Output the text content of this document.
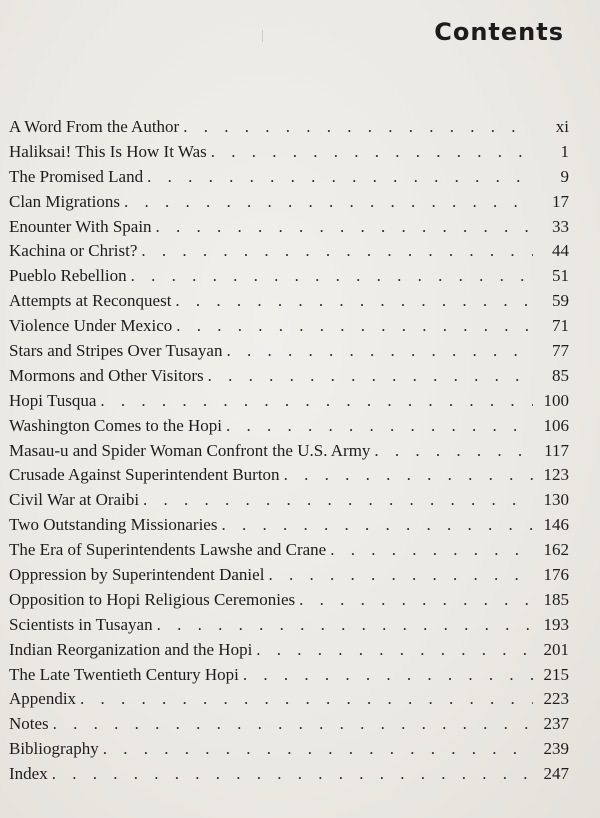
Contents
A Word From the Author . . .	xi
Haliksai! This Is How It Was . . .	1
The Promised Land . . .	9
Clan Migrations . . .	17
Enounter With Spain . . .	33
Kachina or Christ? . . .	44
Pueblo Rebellion . . .	51
Attempts at Reconquest . . .	59
Violence Under Mexico . . .	71
Stars and Stripes Over Tusayan . . .	77
Mormons and Other Visitors . . .	85
Hopi Tusqua . . .	100
Washington Comes to the Hopi . . .	106
Masau-u and Spider Woman Confront the U.S. Army . . .	117
Crusade Against Superintendent Burton . . .	123
Civil War at Oraibi . . .	130
Two Outstanding Missionaries . . .	146
The Era of Superintendents Lawshe and Crane . . .	162
Oppression by Superintendent Daniel . . .	176
Opposition to Hopi Religious Ceremonies . . .	185
Scientists in Tusayan . . .	193
Indian Reorganization and the Hopi . . .	201
The Late Twentieth Century Hopi . . .	215
Appendix . . .	223
Notes . . .	237
Bibliography . . .	239
Index . . .	247
